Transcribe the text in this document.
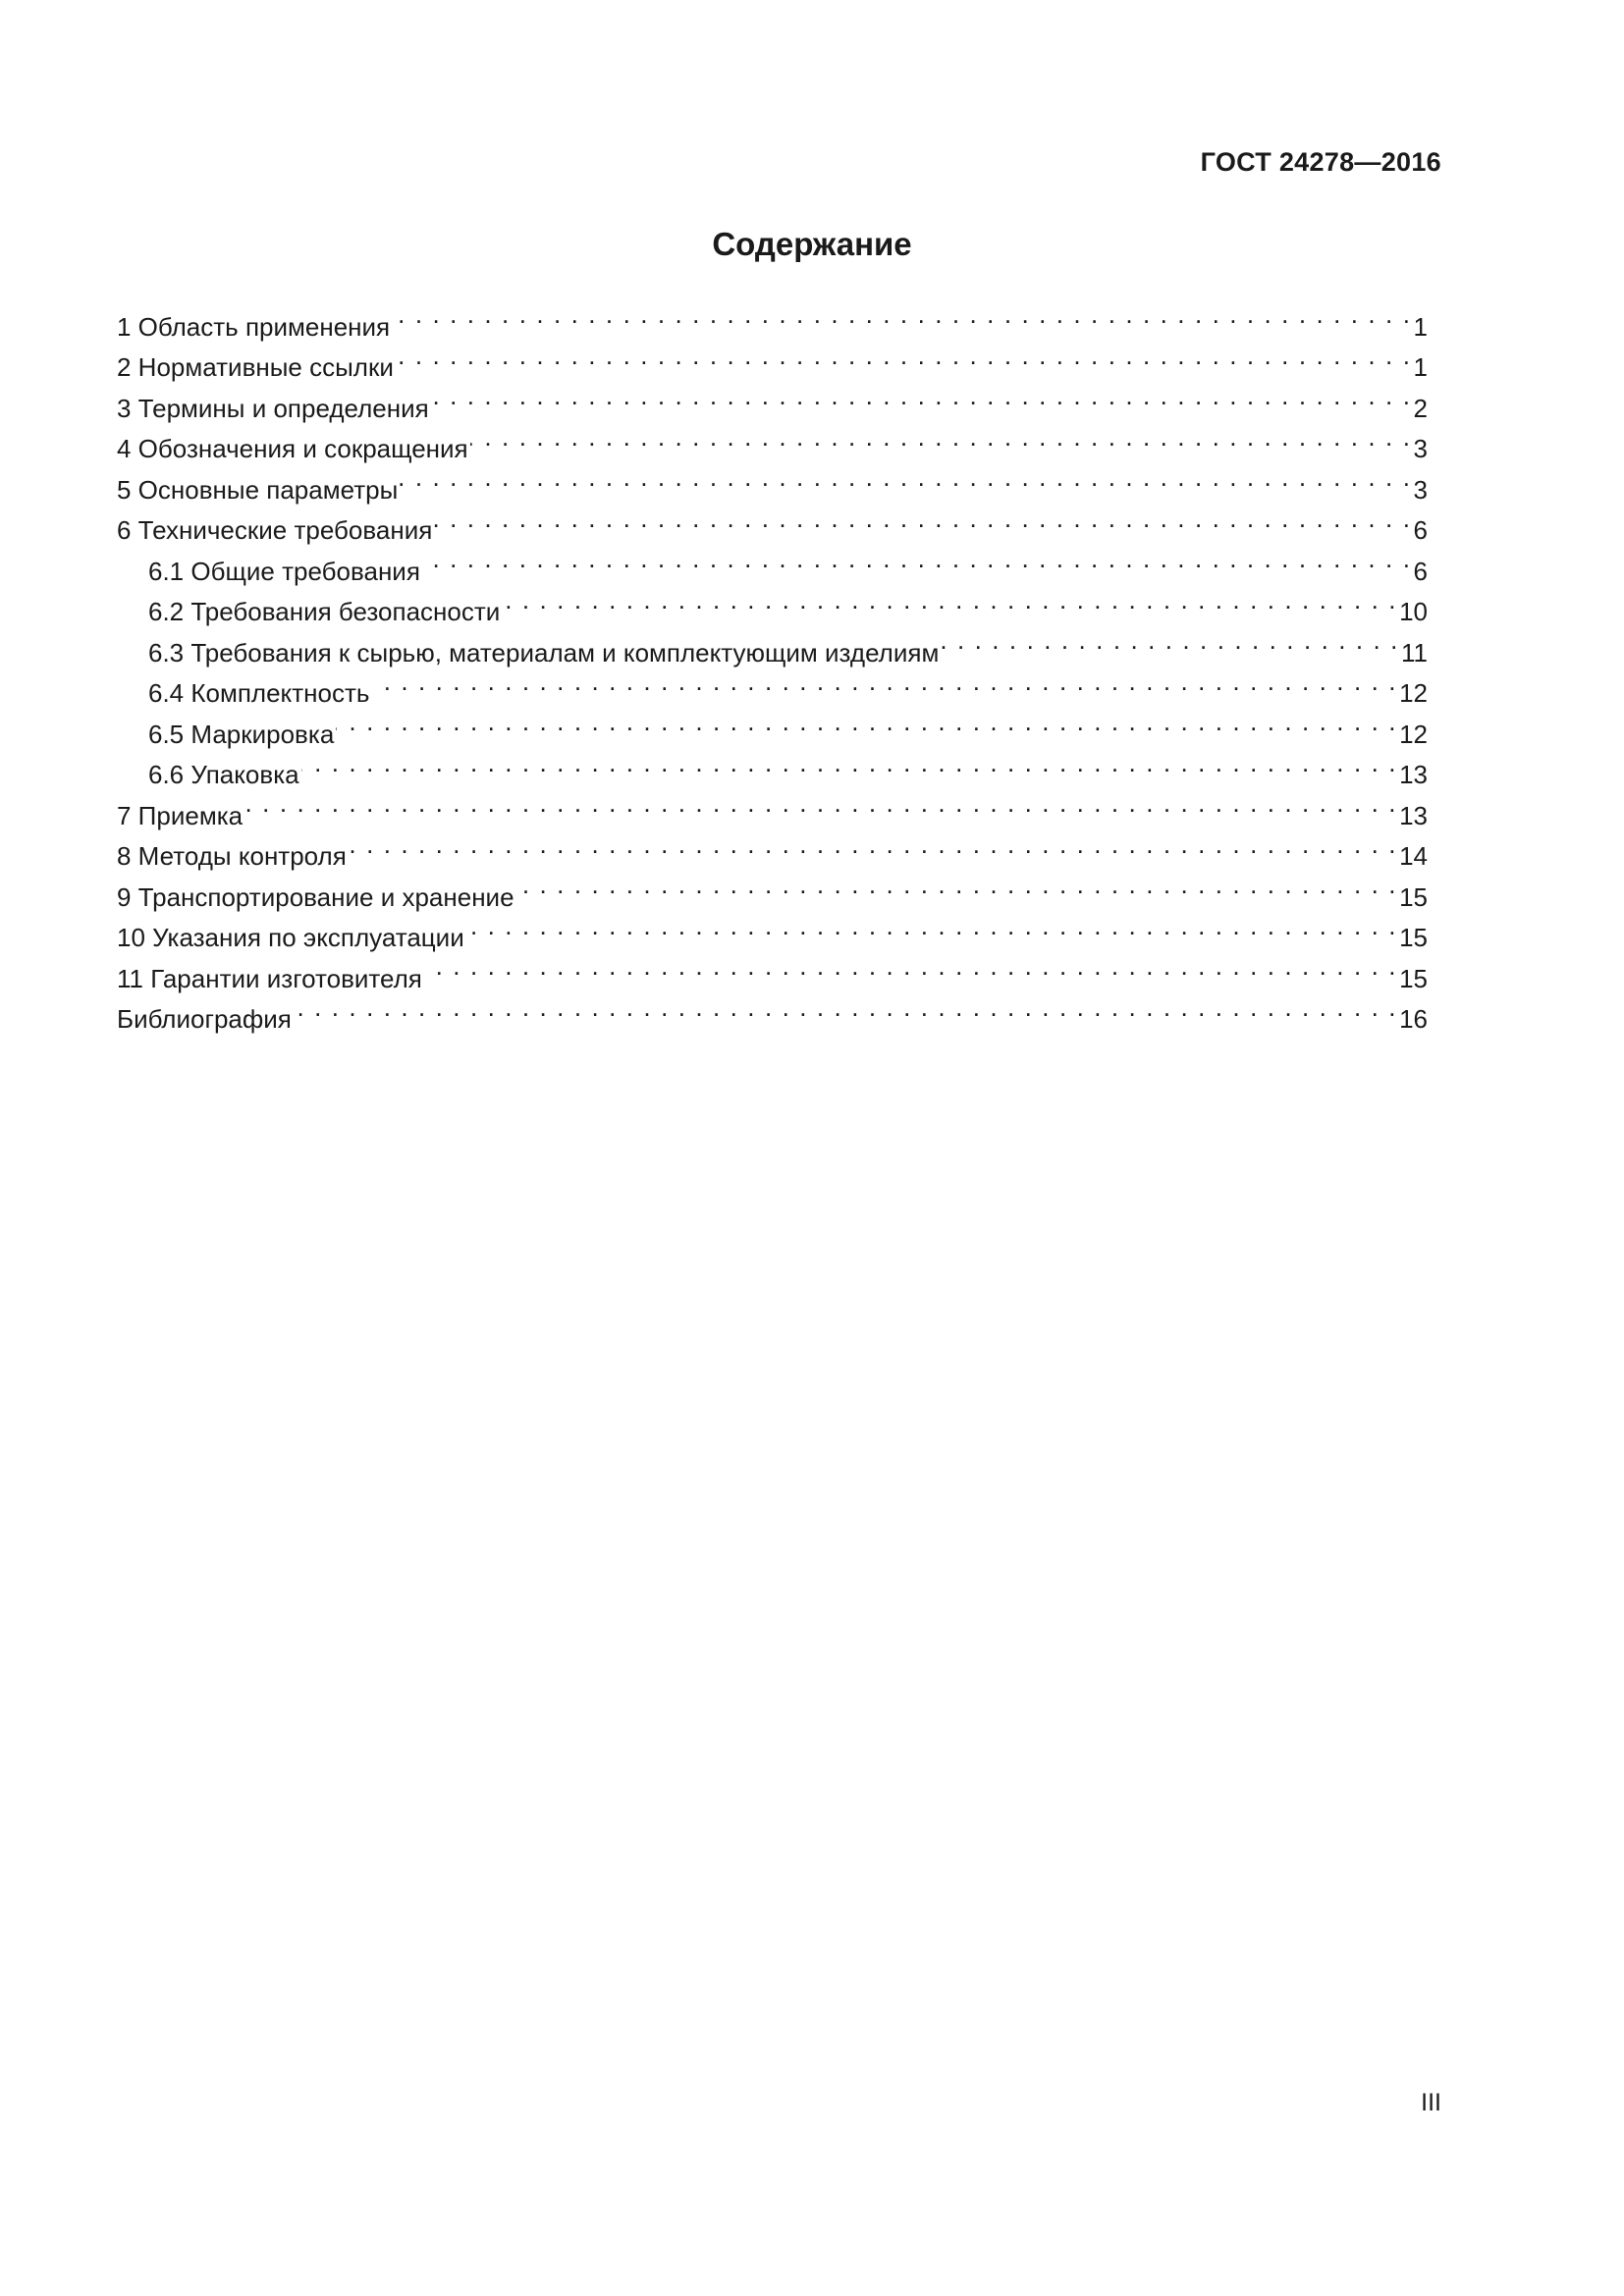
ГОСТ 24278—2016
Содержание
1 Область применения . . .	1
2 Нормативные ссылки . . .	1
3 Термины и определения . . .	2
4 Обозначения и сокращения . . .	3
5 Основные параметры . . .	3
6 Технические требования . . .	6
6.1 Общие требования . . .	6
6.2 Требования безопасности . . .	10
6.3 Требования к сырью, материалам и комплектующим изделиям . . .	11
6.4 Комплектность . . .	12
6.5 Маркировка . . .	12
6.6 Упаковка . . .	13
7 Приемка . . .	13
8 Методы контроля . . .	14
9 Транспортирование и хранение . . .	15
10 Указания по эксплуатации . . .	15
11 Гарантии изготовителя . . .	15
Библиография . . .	16
III
